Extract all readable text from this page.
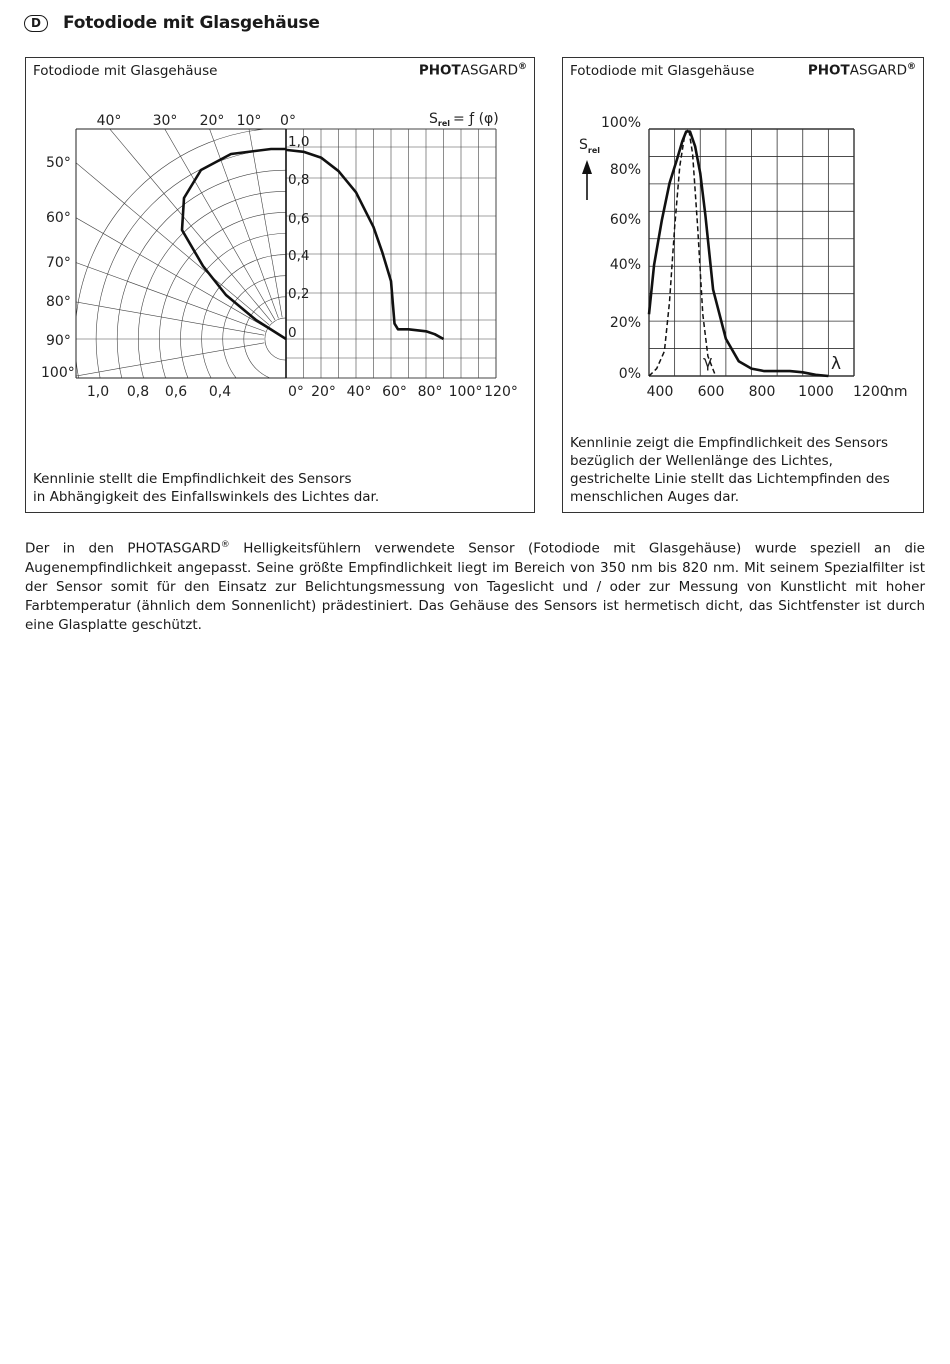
D	Fotodiode mit Glasgehäuse
Fotodiode mit Glasgehäuse	PHOTASGARD®
40° 30° 20° 10° 0°
50°
60°
70°
80°
90°
100°
1,0 0,8 0,6 0,4
1,0
0,8
0,6
0,4
0,2
0
0° 20° 40° 60° 80° 100° 120°
$S_{rel}$ = ƒ (φ)
Kennlinie stellt die Empfindlichkeit des Sensors
in Abhängigkeit des Einfallswinkels des Lichtes dar.
Fotodiode mit Glasgehäuse	PHOTASGARD®
100%
80%
60%
40%
20%
0%
400 600 800 1000 1200
nm
γ	λ
$S_{rel}$
Kennlinie zeigt die Empfindlichkeit des Sensors
bezüglich der Wellenlänge des Lichtes,
gestrichelte Linie stellt das Lichtempfinden des
menschlichen Auges dar.
Der in den PHOTASGARD® Helligkeitsfühlern verwendete Sensor (Fotodiode mit Glasgehäuse) wurde speziell an die Augenempfindlichkeit angepasst. Seine größte Empfindlichkeit liegt im Bereich von 350 nm bis 820 nm. Mit seinem Spezialfilter ist der Sensor somit für den Einsatz zur Belichtungsmessung von Tageslicht und / oder zur Messung von Kunstlicht mit hoher Farbtemperatur (ähnlich dem Sonnenlicht) prädestiniert. Das Gehäuse des Sensors ist hermetisch dicht, das Sichtfenster ist durch eine Glasplatte geschützt.
